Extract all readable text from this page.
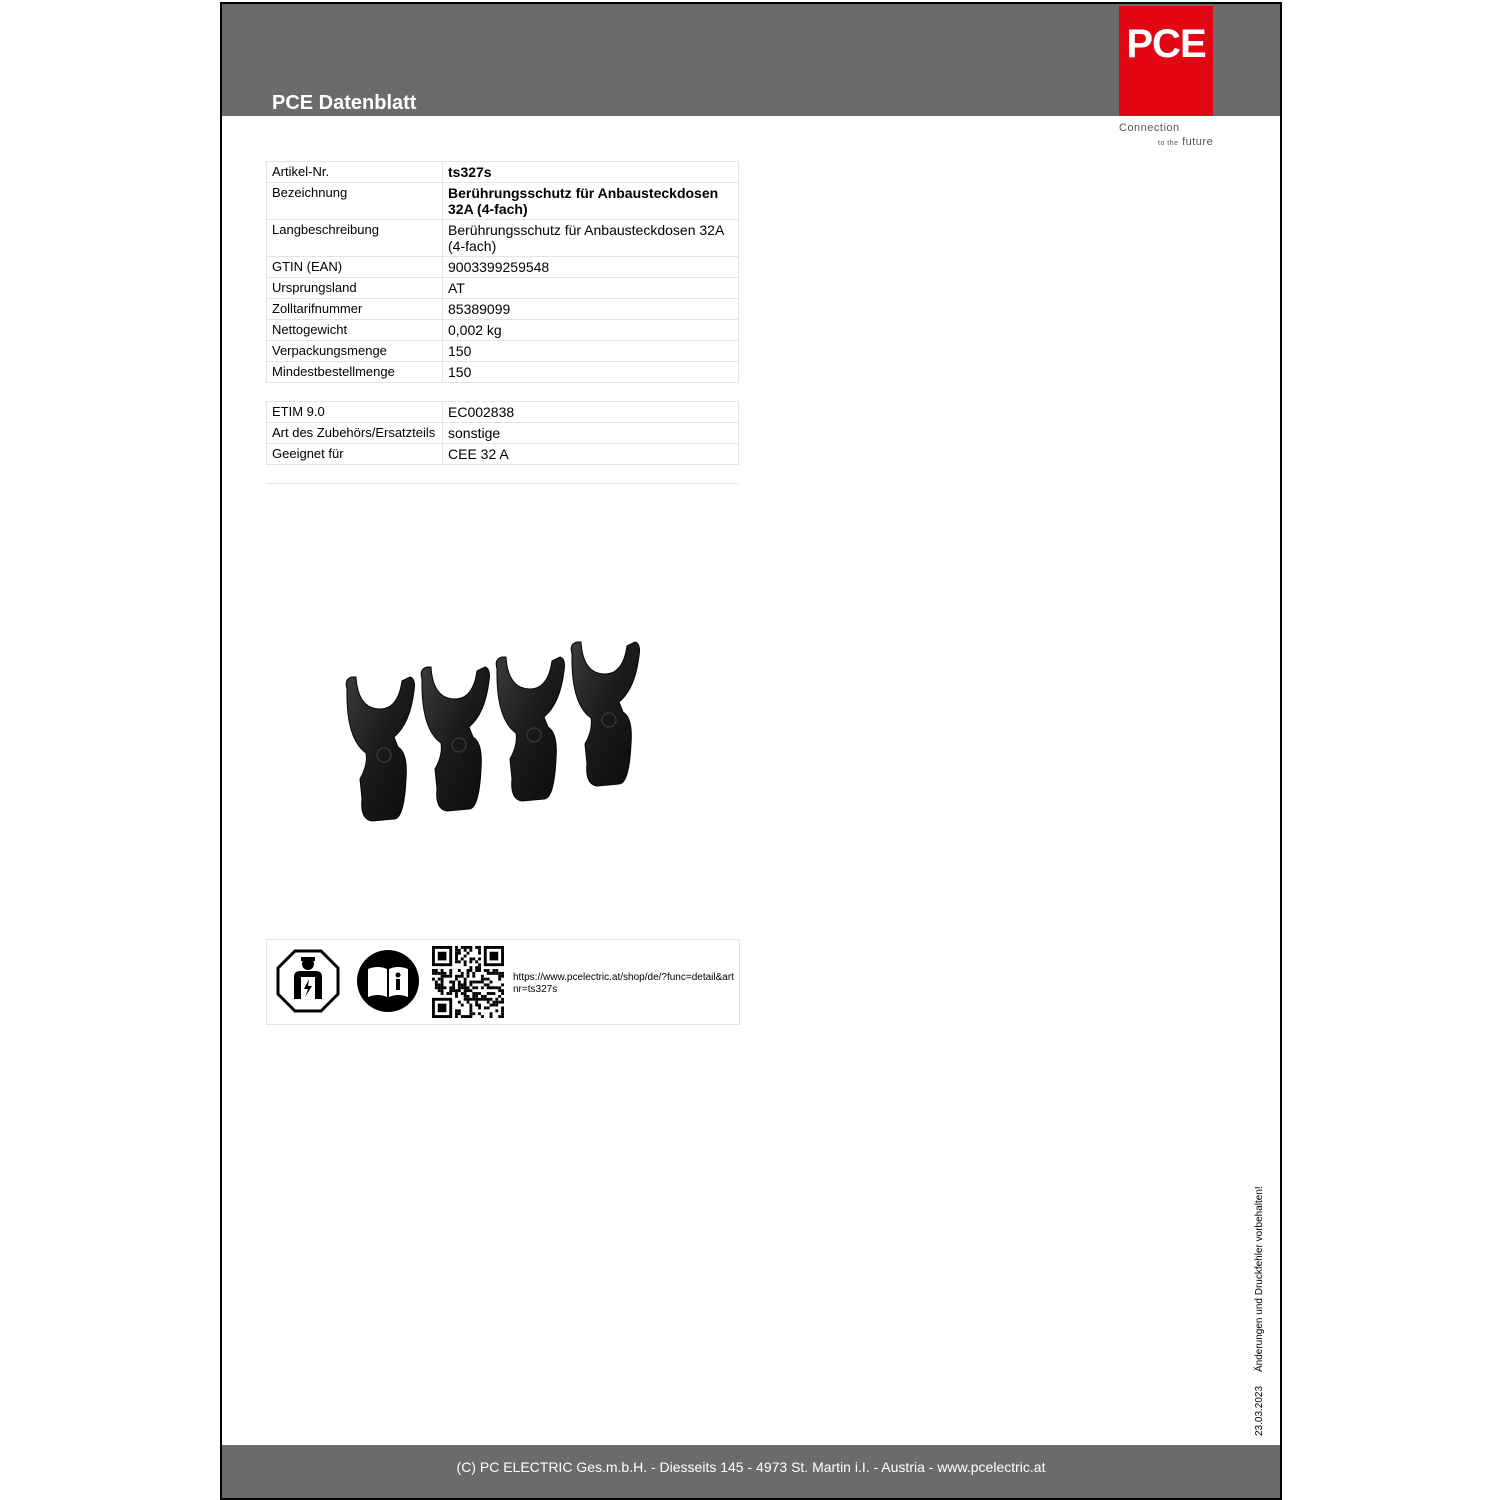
PCE Datenblatt
PCE
Connection
to the future
Artikel-Nr.	ts327s
Bezeichnung	Berührungsschutz für Anbausteckdosen 32A (4-fach)
Langbeschreibung	Berührungsschutz für Anbausteckdosen 32A (4-fach)
GTIN (EAN)	9003399259548
Ursprungsland	AT
Zolltarifnummer	85389099
Nettogewicht	0,002 kg
Verpackungsmenge	150
Mindestbestellmenge	150
ETIM 9.0	EC002838
Art des Zubehörs/Ersatzteils	sonstige
Geeignet für	CEE 32 A
https://www.pcelectric.at/shop/de/?func=detail&artnr=ts327s
23.03.2023
Änderungen und Druckfehler vorbehalten!
(C) PC ELECTRIC Ges.m.b.H. - Diesseits 145 - 4973 St. Martin i.I. - Austria - www.pcelectric.at
